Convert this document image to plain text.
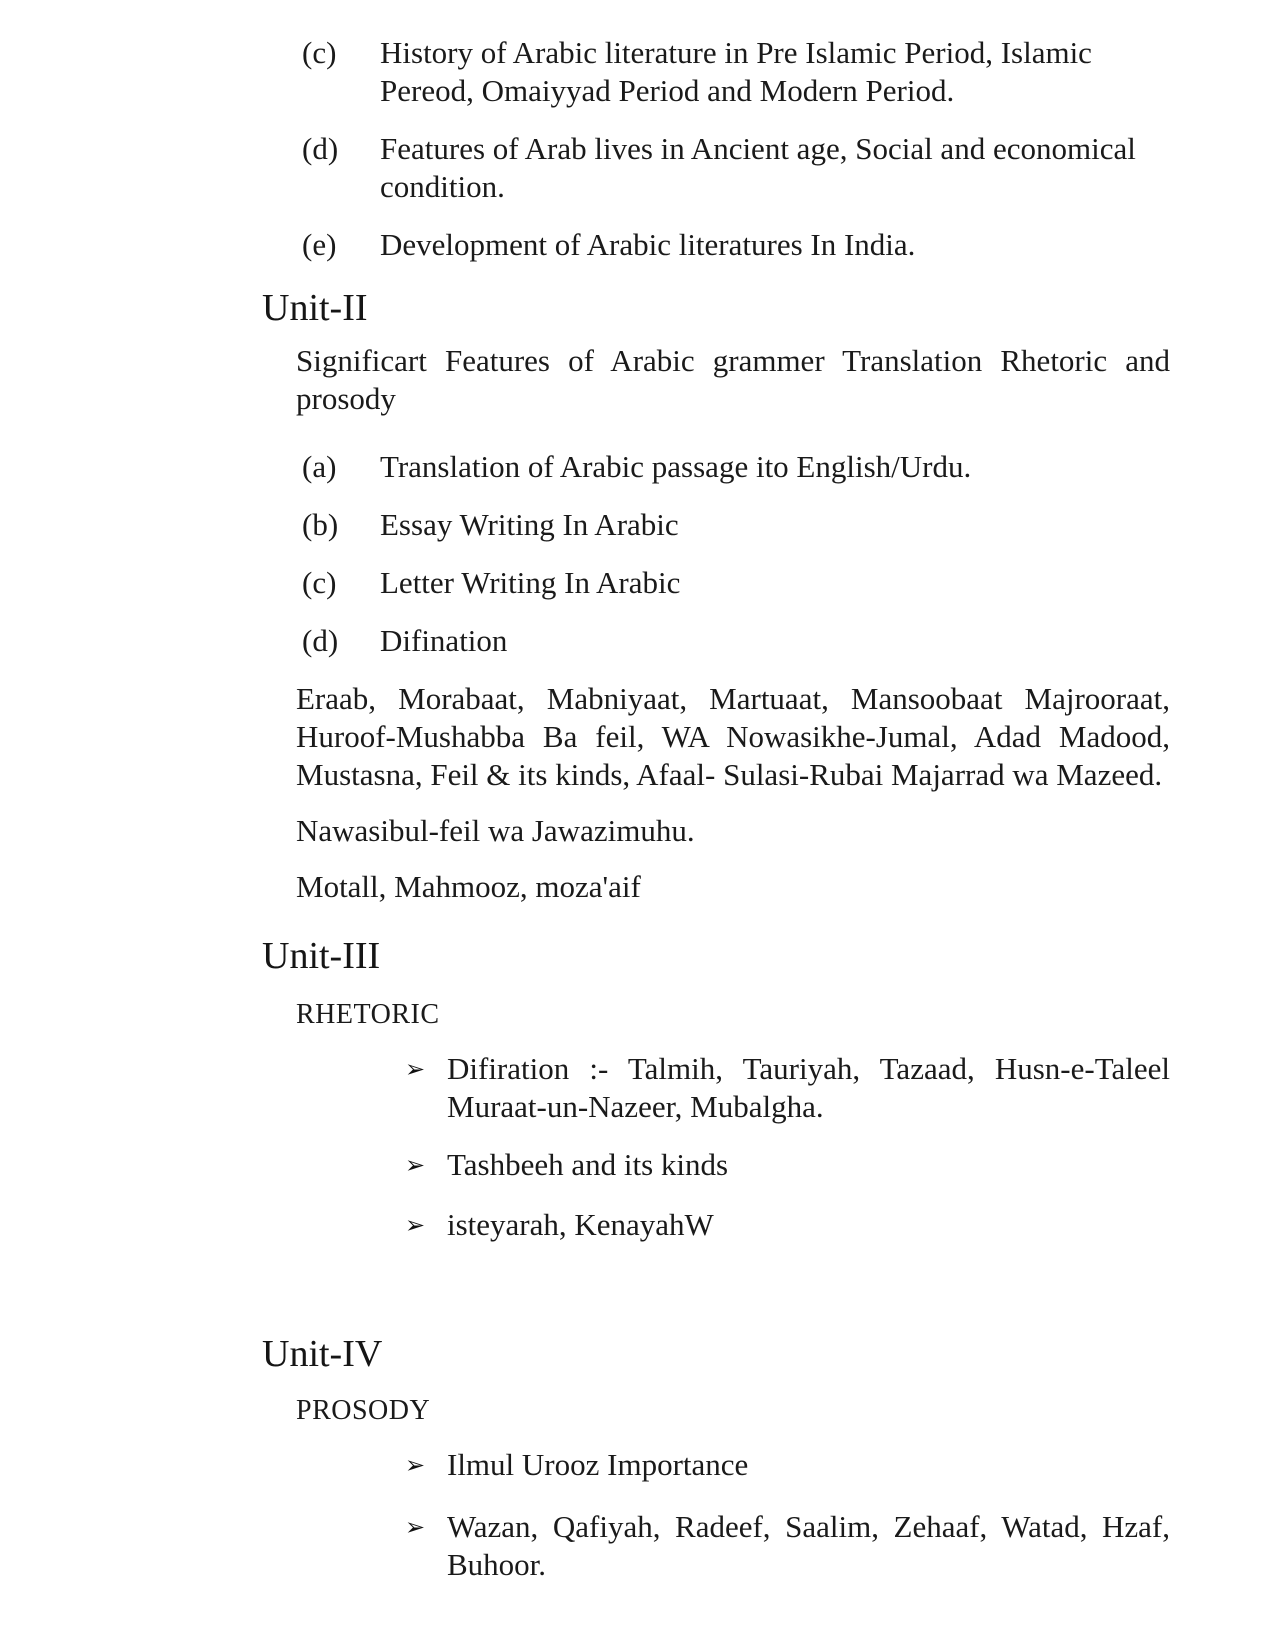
(c)	History of Arabic literature in Pre Islamic Period, Islamic Pereod, Omaiyyad Period and Modern Period.
(d)	Features of Arab lives in Ancient age, Social and economical condition.
(e)	Development of Arabic literatures In India.
Unit-II

Significart Features of Arabic grammer Translation Rhetoric and prosody

(a)	Translation of Arabic passage ito English/Urdu.
(b)	Essay Writing In Arabic
(c)	Letter Writing In Arabic
(d)	Difination

Eraab, Morabaat, Mabniyaat, Martuaat, Mansoobaat Majrooraat, Huroof-Mushabba Ba feil, WA Nowasikhe-Jumal, Adad Madood, Mustasna, Feil & its kinds, Afaal- Sulasi-Rubai Majarrad wa Mazeed.

Nawasibul-feil wa Jawazimuhu.

Motall, Mahmooz, moza'aif

Unit-III
RHETORIC
➢ Difiration :- Talmih, Tauriyah, Tazaad, Husn-e-Taleel Muraat-un-Nazeer, Mubalgha.
➢ Tashbeeh and its kinds
➢ isteyarah, KenayahW
Unit-IV
PROSODY
➢ Ilmul Urooz Importance
➢ Wazan, Qafiyah, Radeef, Saalim, Zehaaf, Watad, Hzaf, Buhoor.
